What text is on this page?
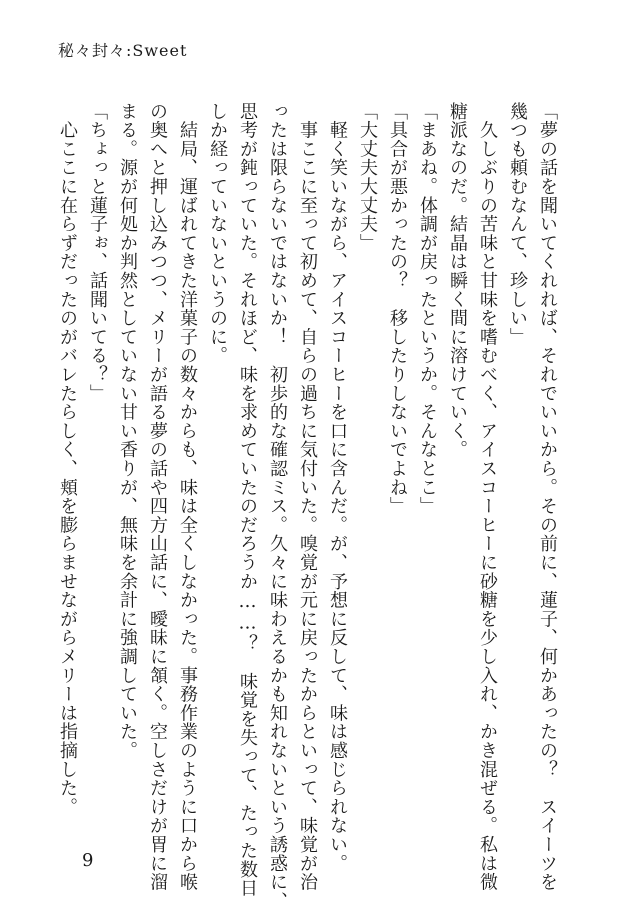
秘々封々:Sweet

「夢の話を聞いてくれれば、それでいいから。その前に、蓮子、何かあったの？　スイーツを

幾つも頼むなんて、珍しい」

　久しぶりの苦味と甘味を嗜むべく、アイスコーヒーに砂糖を少し入れ、かき混ぜる。私は微

糖派なのだ。結晶は瞬く間に溶けていく。

「まあね。体調が戻ったというか。そんなとこ」

「具合が悪かったの？　移したりしないでよね」

「大丈夫大丈夫」

　軽く笑いながら、アイスコーヒーを口に含んだ。が、予想に反して、味は感じられない。

　事ここに至って初めて、自らの過ちに気付いた。嗅覚が元に戻ったからといって、味覚が治

ったは限らないではないか！　初歩的な確認ミス。久々に味わえるかも知れないという誘惑に、

思考が鈍っていた。それほど、味を求めていたのだろうか……？　味覚を失って、たった数日

しか経っていないというのに。

　結局、運ばれてきた洋菓子の数々からも、味は全くしなかった。事務作業のように口から喉

の奥へと押し込みつつ、メリーが語る夢の話や四方山話に、曖昧に頷く。空しさだけが胃に溜

まる。源が何処か判然としていない甘い香りが、無味を余計に強調していた。

「ちょっと蓮子ぉ、話聞いてる？」

　心ここに在らずだったのがバレたらしく、頬を膨らませながらメリーは指摘した。

9
